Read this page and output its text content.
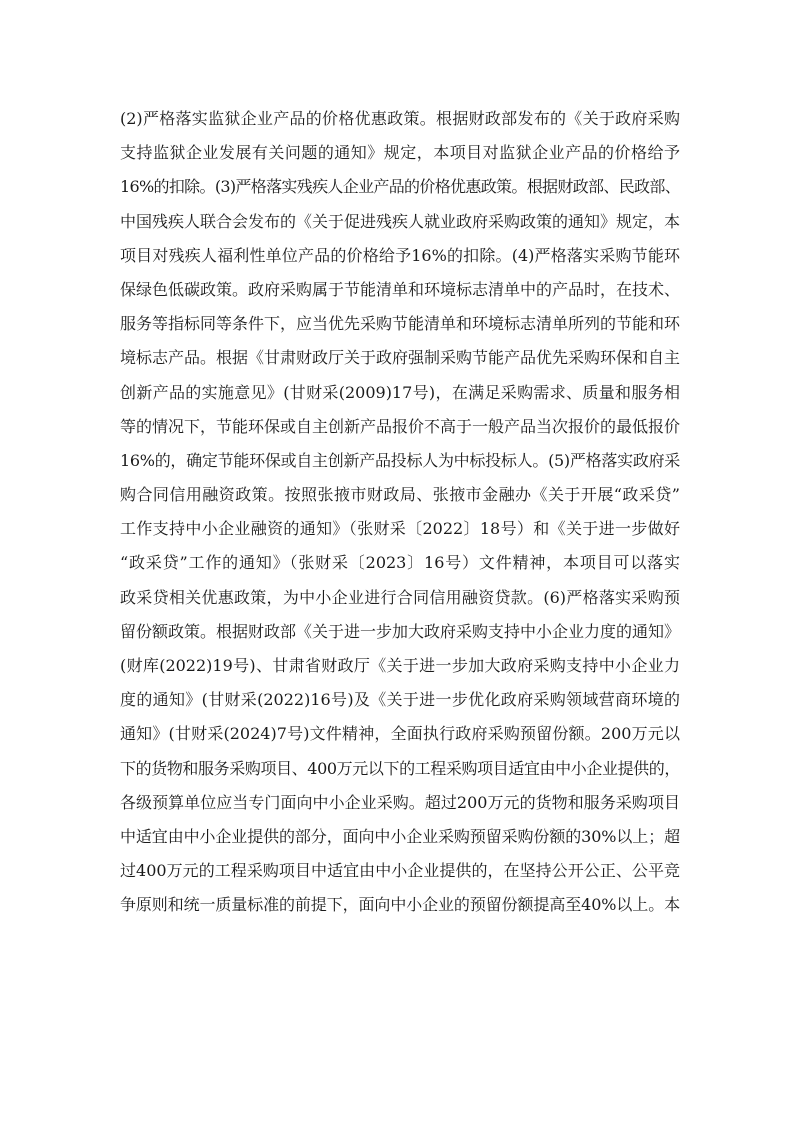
(2)严格落实监狱企业产品的价格优惠政策。根据财政部发布的《关于政府采购
支持监狱企业发展有关问题的通知》规定，本项目对监狱企业产品的价格给予
16%的扣除。(3)严格落实残疾人企业产品的价格优惠政策。根据财政部、民政部、
中国残疾人联合会发布的《关于促进残疾人就业政府采购政策的通知》规定，本
项目对残疾人福利性单位产品的价格给予16%的扣除。(4)严格落实采购节能环
保绿色低碳政策。政府采购属于节能清单和环境标志清单中的产品时，在技术、
服务等指标同等条件下，应当优先采购节能清单和环境标志清单所列的节能和环
境标志产品。根据《甘肃财政厅关于政府强制采购节能产品优先采购环保和自主
创新产品的实施意见》(甘财采(2009)17号)，在满足采购需求、质量和服务相
等的情况下，节能环保或自主创新产品报价不高于一般产品当次报价的最低报价
16%的，确定节能环保或自主创新产品投标人为中标投标人。(5)严格落实政府采
购合同信用融资政策。按照张掖市财政局、张掖市金融办《关于开展“政采贷”
工作支持中小企业融资的通知》（张财采〔2022〕18号）和《关于进一步做好
“政采贷”工作的通知》（张财采〔2023〕16号）文件精神，本项目可以落实
政采贷相关优惠政策，为中小企业进行合同信用融资贷款。(6)严格落实采购预
留份额政策。根据财政部《关于进一步加大政府采购支持中小企业力度的通知》
(财库(2022)19号)、甘肃省财政厅《关于进一步加大政府采购支持中小企业力
度的通知》(甘财采(2022)16号)及《关于进一步优化政府采购领域营商环境的
通知》(甘财采(2024)7号)文件精神，全面执行政府采购预留份额。200万元以
下的货物和服务采购项目、400万元以下的工程采购项目适宜由中小企业提供的，
各级预算单位应当专门面向中小企业采购。超过200万元的货物和服务采购项目
中适宜由中小企业提供的部分，面向中小企业采购预留采购份额的30%以上；超
过400万元的工程采购项目中适宜由中小企业提供的，在坚持公开公正、公平竞
争原则和统一质量标准的前提下，面向中小企业的预留份额提高至40%以上。本
